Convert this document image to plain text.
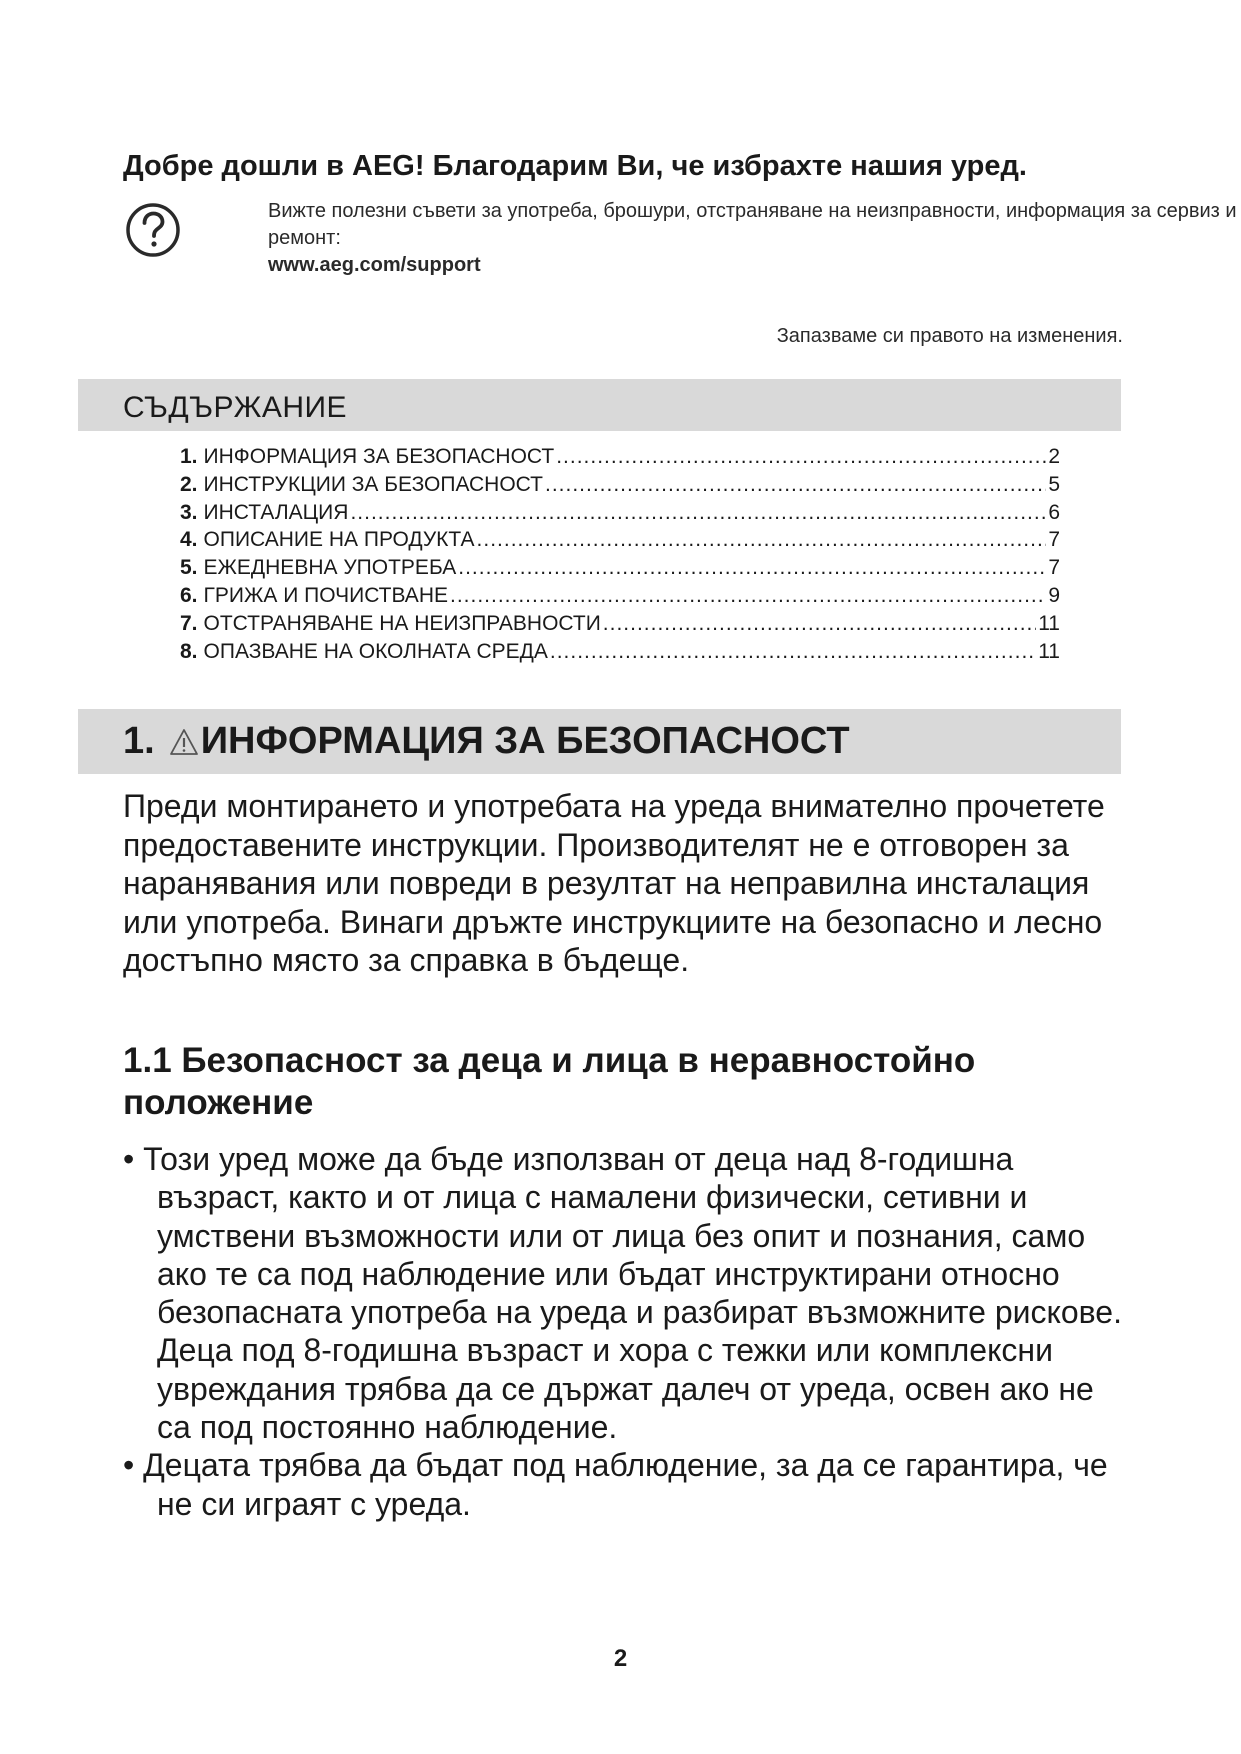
Добре дошли в AEG! Благодарим Ви, че избрахте нашия уред.
Вижте полезни съвети за употреба, брошури, отстраняване на неизправности, информация за сервиз и ремонт:
www.aeg.com/support
Запазваме си правото на изменения.
СЪДЪРЖАНИЕ
1. ИНФОРМАЦИЯ ЗА БЕЗОПАСНОСТ .....	2
2. ИНСТРУКЦИИ ЗА БЕЗОПАСНОСТ .....	5
3. ИНСТАЛАЦИЯ .....	6
4. ОПИСАНИЕ НА ПРОДУКТА .....	7
5. ЕЖЕДНЕВНА УПОТРЕБА .....	7
6. ГРИЖА И ПОЧИСТВАНЕ .....	9
7. ОТСТРАНЯВАНЕ НА НЕИЗПРАВНОСТИ .....	11
8. ОПАЗВАНЕ НА ОКОЛНАТА СРЕДА .....	11
1. ИНФОРМАЦИЯ ЗА БЕЗОПАСНОСТ
Преди монтирането и употребата на уреда внимателно прочетете предоставените инструкции. Производителят не е отговорен за наранявания или повреди в резултат на неправилна инсталация или употреба. Винаги дръжте инструкциите на безопасно и лесно достъпно място за справка в бъдеще.
1.1 Безопасност за деца и лица в неравностойно положение
• Този уред може да бъде използван от деца над 8-годишна възраст, както и от лица с намалени физически, сетивни и умствени възможности или от лица без опит и познания, само ако те са под наблюдение или бъдат инструктирани относно безопасната употреба на уреда и разбират възможните рискове. Деца под 8-годишна възраст и хора с тежки или комплексни увреждания трябва да се държат далеч от уреда, освен ако не са под постоянно наблюдение.
• Децата трябва да бъдат под наблюдение, за да се гарантира, че не си играят с уреда.
2
